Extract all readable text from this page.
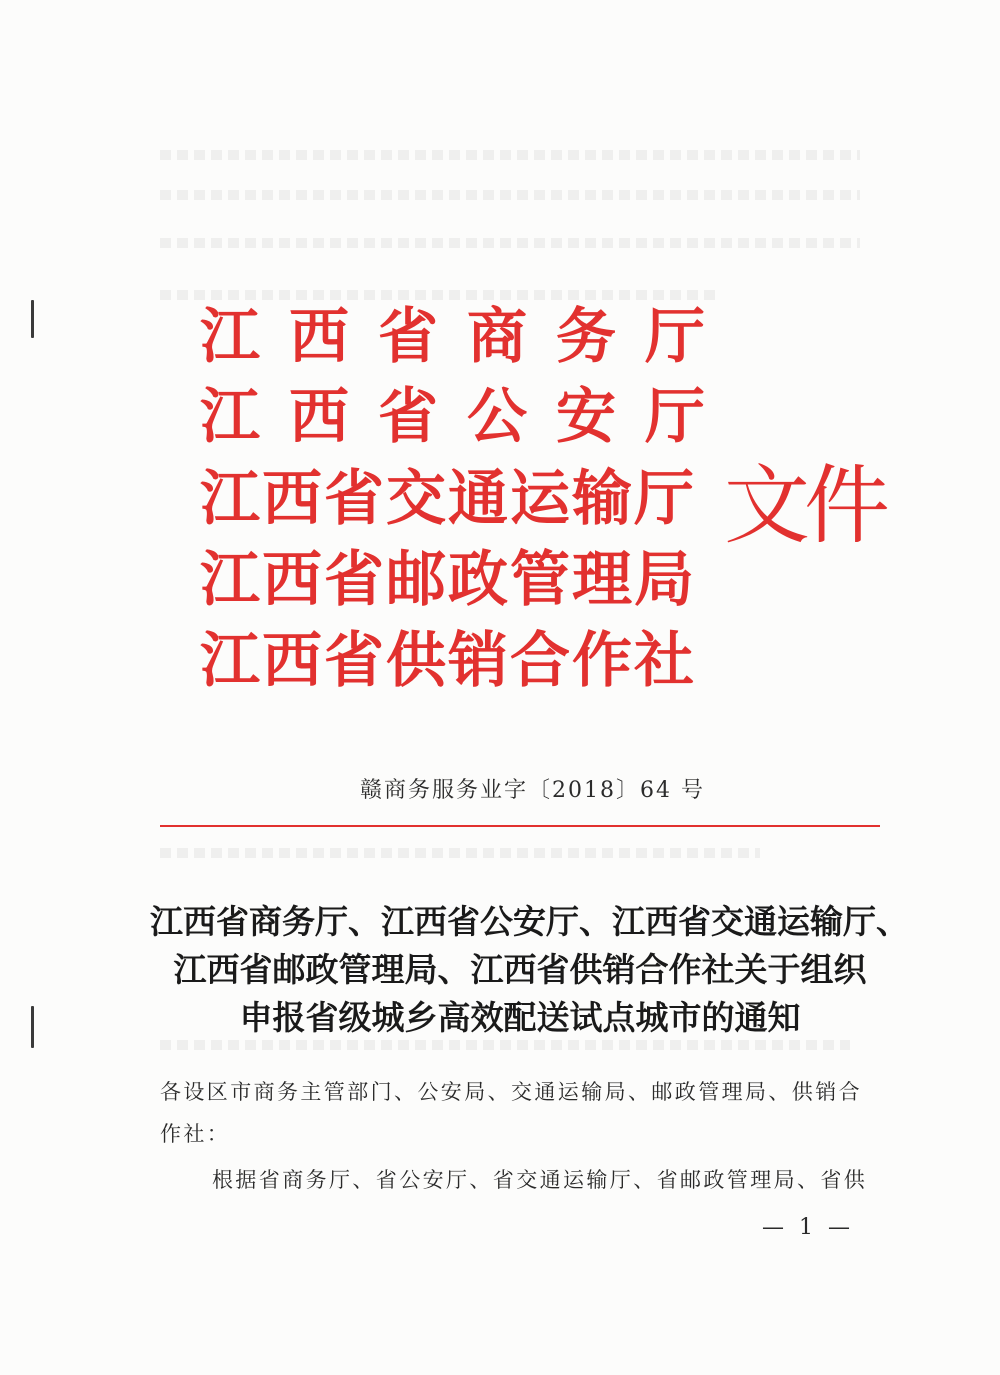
江西省商务厅
江西省公安厅
江西省交通运输厅
江西省邮政管理局
江西省供销合作社
文件
赣商务服务业字〔2018〕64 号
江西省商务厅、江西省公安厅、江西省交通运输厅、
江西省邮政管理局、江西省供销合作社关于组织
申报省级城乡高效配送试点城市的通知
各设区市商务主管部门、公安局、交通运输局、邮政管理局、供销合
作社：
根据省商务厅、省公安厅、省交通运输厅、省邮政管理局、省供
— 1 —
